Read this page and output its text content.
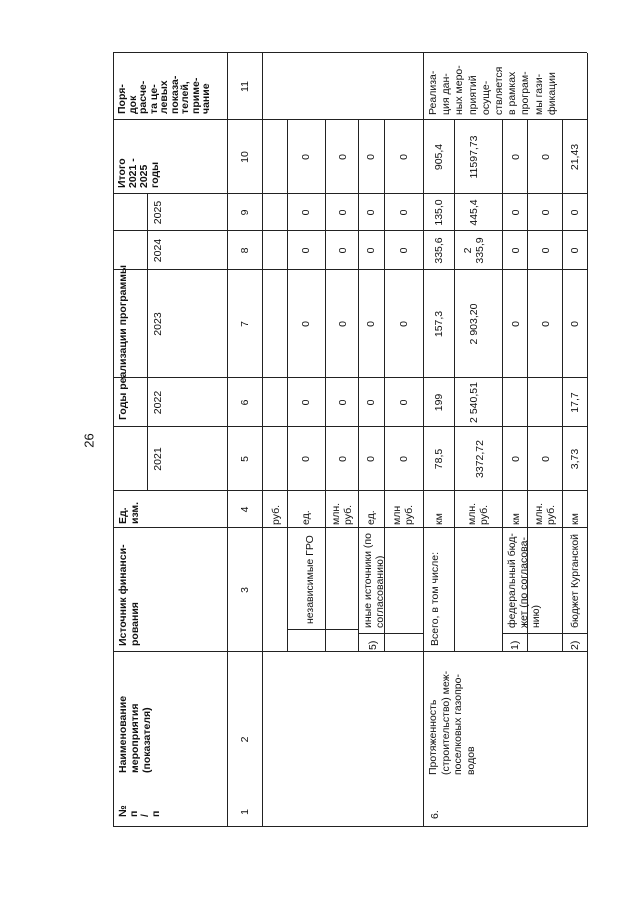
26
№
п
/
п
Наименование
мероприятия
(показателя)
Источник финанси-
рования
Ед.
изм.
Годы реализации программы
2021
2022
2023
2024
2025
Итого
2021 -
2025
годы
Поря-
док
расче-
та це-
левых
показа-
телей,
приме-
чание
1
2
3
4
5
6
7
8
9
10
11
руб.
независимые ГРО
ед. млн.
руб.
0
0
0
0
0
0
0
0
0
0
0
0
5)
иные источники (по
согласованию)
ед. млн
руб.
0
0
0
0
0
0
0
0
0
0
0
0
6.
Протяженность
(строительство) меж-
поселковых газопро-
водов
Всего, в том числе:
км млн.
руб.
78,5
199
157,3
335,6
135,0
905,4
3372,72
2 540,51
2 903,20
2
335,9
445,4
11597,73
Реализа-
ция дан-
ных меро-
приятий
осуще-
ствляется
в рамках
програм-
мы гази-
фикации
1)
федеральный бюд-
жет (по согласова-
нию)
км млн.
руб.
0
0
0
0
0
0
0
0
0
0
2)
бюджет Курганской
км
3,73
17,7
0
0
0
21,43
